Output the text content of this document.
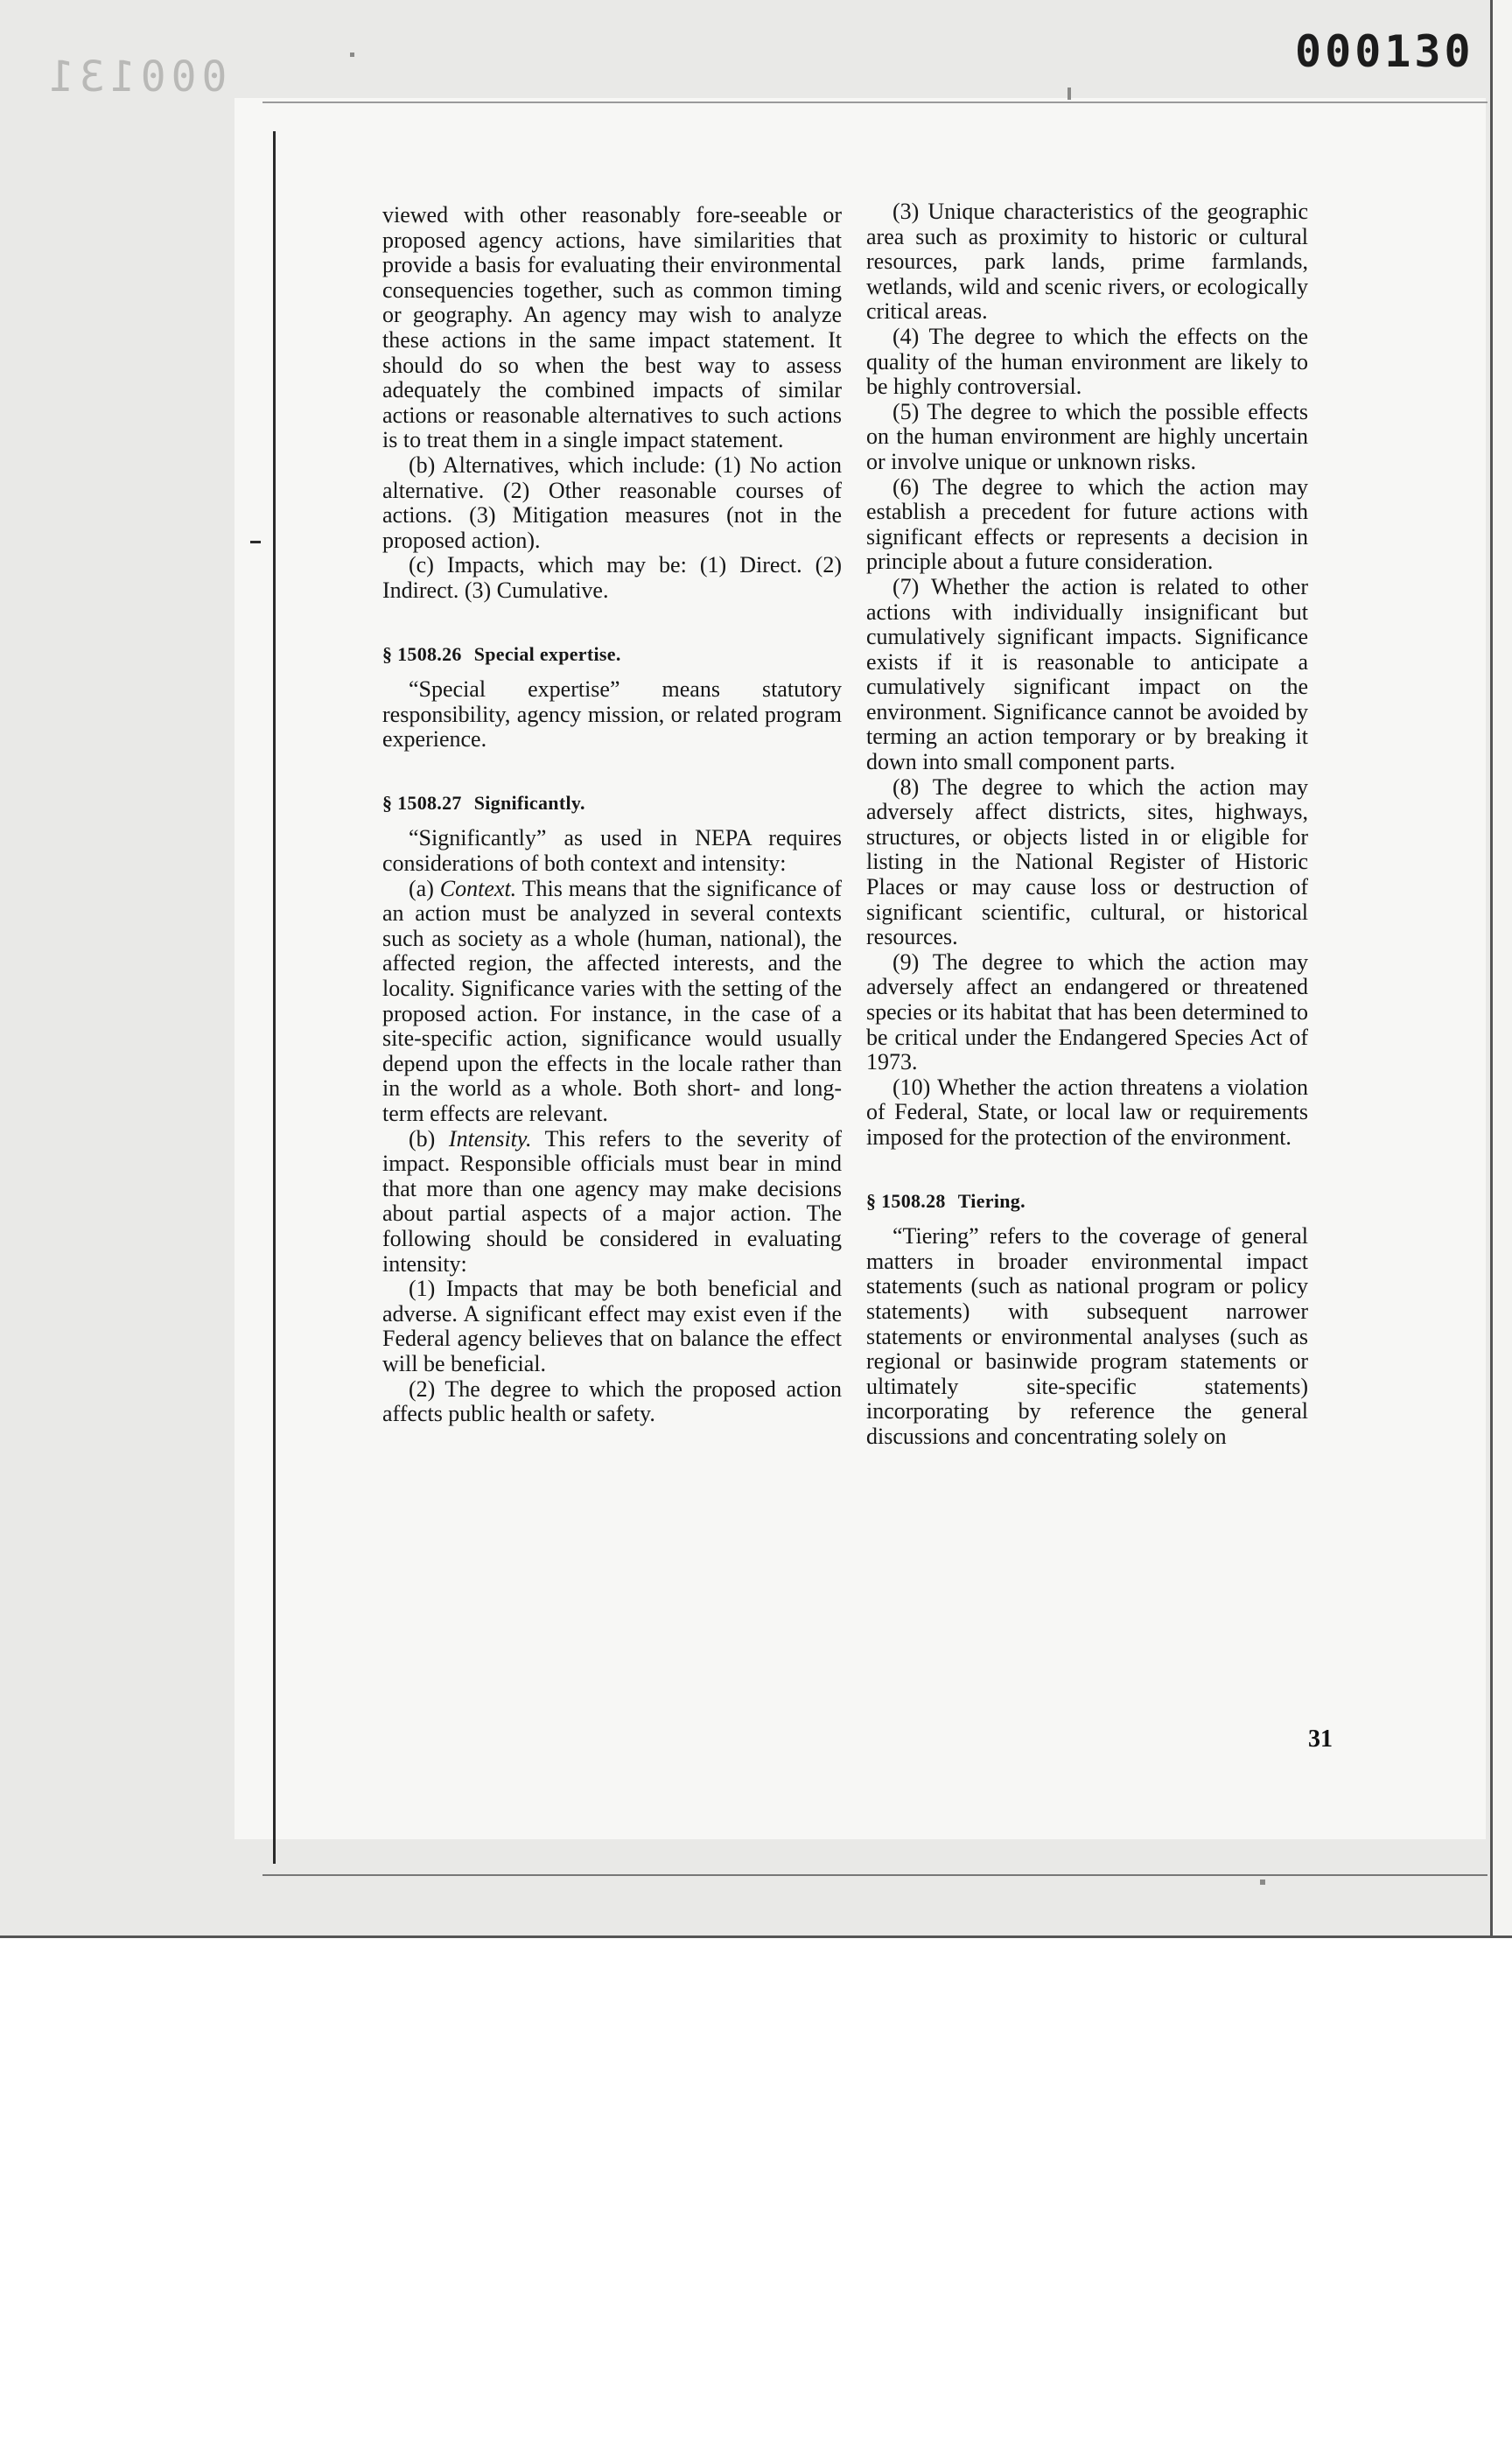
000131	000130

viewed with other reasonably fore-seeable or proposed agency actions, have similarities that provide a basis for evaluating their environmental consequencies together, such as common timing or geography. An agency may wish to analyze these actions in the same impact statement. It should do so when the best way to assess adequately the combined impacts of similar actions or reasonable alternatives to such actions is to treat them in a single impact statement.

(b) Alternatives, which include: (1) No action alternative. (2) Other reasonable courses of actions. (3) Mitigation measures (not in the proposed action).

(c) Impacts, which may be: (1) Direct. (2) Indirect. (3) Cumulative.

§ 1508.26 Special expertise.

“Special expertise” means statutory responsibility, agency mission, or related program experience.

§ 1508.27 Significantly.

“Significantly” as used in NEPA requires considerations of both context and intensity:

(a) Context. This means that the significance of an action must be analyzed in several contexts such as society as a whole (human, national), the affected region, the affected interests, and the locality. Significance varies with the setting of the proposed action. For instance, in the case of a site-specific action, significance would usually depend upon the effects in the locale rather than in the world as a whole. Both short- and long-term effects are relevant.

(b) Intensity. This refers to the severity of impact. Responsible officials must bear in mind that more than one agency may make decisions about partial aspects of a major action. The following should be considered in evaluating intensity:

(1) Impacts that may be both beneficial and adverse. A significant effect may exist even if the Federal agency believes that on balance the effect will be beneficial.

(2) The degree to which the proposed action affects public health or safety.

(3) Unique characteristics of the geographic area such as proximity to historic or cultural resources, park lands, prime farmlands, wetlands, wild and scenic rivers, or ecologically critical areas.

(4) The degree to which the effects on the quality of the human environment are likely to be highly controversial.

(5) The degree to which the possible effects on the human environment are highly uncertain or involve unique or unknown risks.

(6) The degree to which the action may establish a precedent for future actions with significant effects or represents a decision in principle about a future consideration.

(7) Whether the action is related to other actions with individually insignificant but cumulatively significant impacts. Significance exists if it is reasonable to anticipate a cumulatively significant impact on the environment. Significance cannot be avoided by terming an action temporary or by breaking it down into small component parts.

(8) The degree to which the action may adversely affect districts, sites, highways, structures, or objects listed in or eligible for listing in the National Register of Historic Places or may cause loss or destruction of significant scientific, cultural, or historical resources.

(9) The degree to which the action may adversely affect an endangered or threatened species or its habitat that has been determined to be critical under the Endangered Species Act of 1973.

(10) Whether the action threatens a violation of Federal, State, or local law or requirements imposed for the protection of the environment.

§ 1508.28 Tiering.

“Tiering” refers to the coverage of general matters in broader environmental impact statements (such as national program or policy statements) with subsequent narrower statements or environmental analyses (such as regional or basinwide program statements or ultimately site-specific statements) incorporating by reference the general discussions and concentrating solely on

31
